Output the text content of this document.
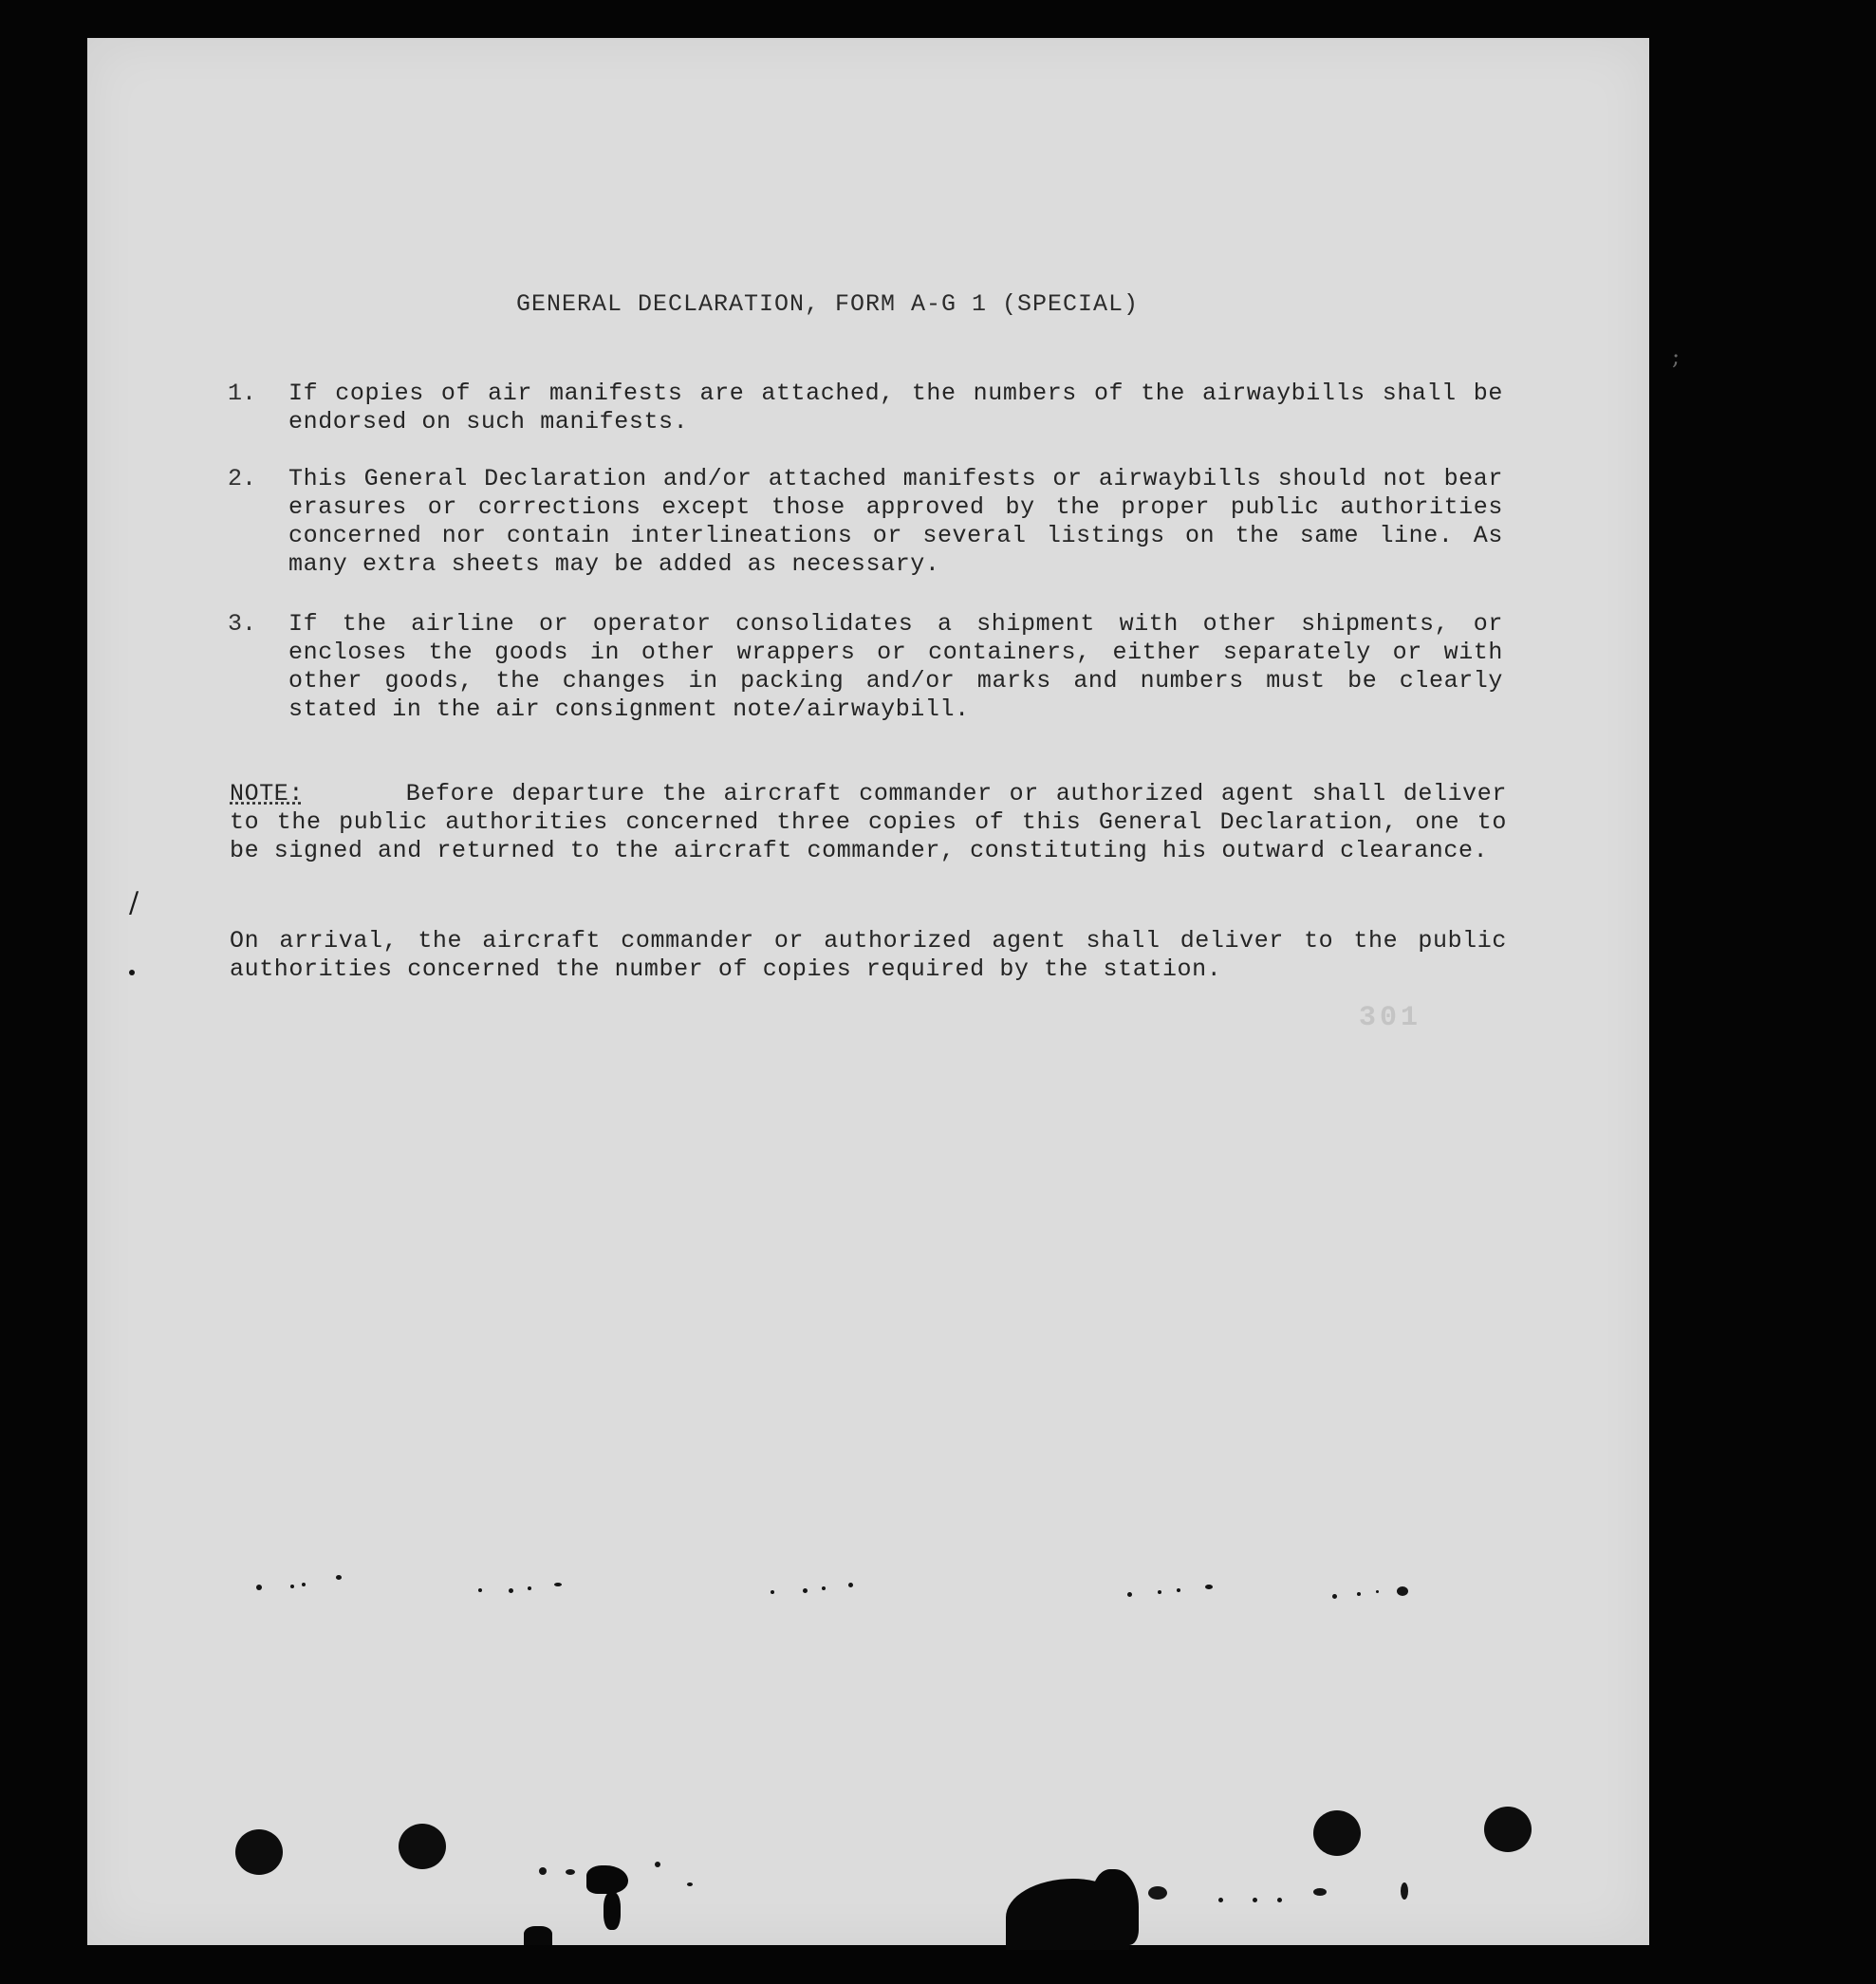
GENERAL DECLARATION, FORM A-G 1 (SPECIAL)
1. If copies of air manifests are attached, the numbers of the airwaybills shall be endorsed on such manifests.
2. This General Declaration and/or attached manifests or airwaybills should not bear erasures or corrections except those approved by the proper public authorities concerned nor contain interlineations or several listings on the same line. As many extra sheets may be added as necessary.
3. If the airline or operator consolidates a shipment with other shipments, or encloses the goods in other wrappers or containers, either separately or with other goods, the changes in packing and/or marks and numbers must be clearly stated in the air consignment note/airwaybill.
NOTE:	Before departure the aircraft commander or authorized agent shall deliver to the public authorities concerned three copies of this General Declaration, one to be signed and returned to the aircraft commander, constituting his outward clearance.
On arrival, the aircraft commander or authorized agent shall deliver to the public authorities concerned the number of copies required by the station.
301
/
;
